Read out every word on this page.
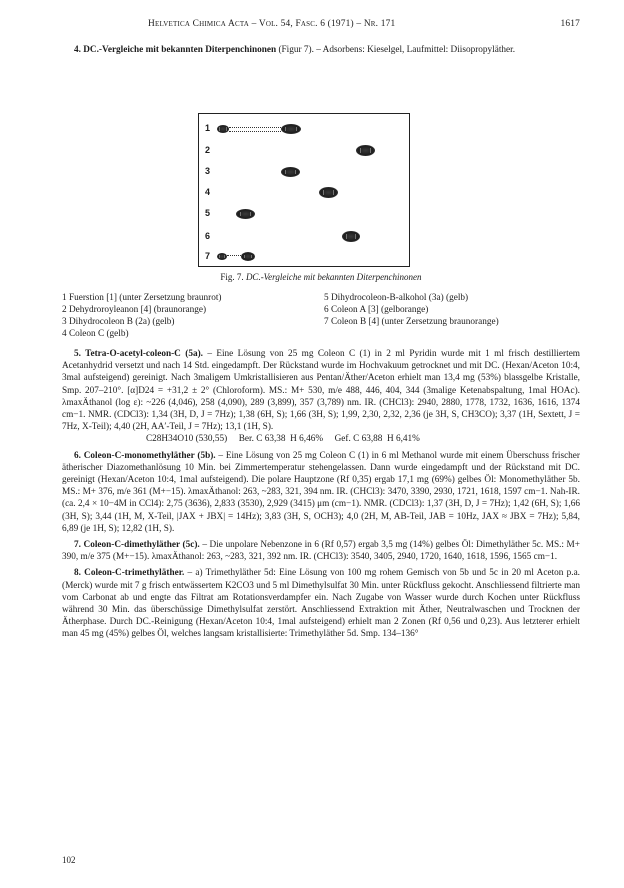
Helvetica Chimica Acta – Vol. 54, Fasc. 6 (1971) – Nr. 171	1617

4. DC.-Vergleiche mit bekannten Diterpenchinonen (Figur 7). – Adsorbens: Kieselgel, Laufmittel: Diisopropyläther.

1
2
3
4
5
6
7
Fig. 7. DC.-Vergleiche mit bekannten Diterpenchinonen
1 Fuerstion [1] (unter Zersetzung braunrot)
2 Dehydroroyleanon [4] (braunorange)
3 Dihydrocoleon B (2a) (gelb)
4 Coleon C (gelb)
5 Dihydrocoleon-B-alkohol (3a) (gelb)
6 Coleon A [3] (gelborange)
7 Coleon B [4] (unter Zersetzung braunorange)

5. Tetra-O-acetyl-coleon-C (5a). – Eine Lösung von 25 mg Coleon C (1) in 2 ml Pyridin wurde mit 1 ml frisch destilliertem Acetanhydrid versetzt und nach 14 Std. eingedampft. Der Rückstand wurde im Hochvakuum getrocknet und mit DC. (Hexan/Aceton 10:4, 3mal aufsteigend) gereinigt. Nach 3maligem Umkristallisieren aus Pentan/Äther/Aceton erhielt man 13,4 mg (53%) blassgelbe Kristalle, Smp. 207–210°. [α]D24 = +31,2 ± 2° (Chloroform). MS.: M+ 530, m/e 488, 446, 404, 344 (3malige Ketenabspaltung, 1mal HOAc). λmaxÄthanol (log ε): ~226 (4,046), 258 (4,090), 289 (3,899), 357 (3,789) nm. IR. (CHCl3): 2940, 2880, 1778, 1732, 1636, 1616, 1374 cm−1. NMR. (CDCl3): 1,34 (3H, D, J = 7Hz); 1,38 (6H, S); 1,66 (3H, S); 1,99, 2,30, 2,32, 2,36 (je 3H, S, CH3CO); 3,37 (1H, Sextett, J = 7Hz, X-Teil); 4,40 (2H, AA′-Teil, J = 7Hz); 13,1 (1H, S).

C28H34O10 (530,55)     Ber. C 63,38  H 6,46%     Gef. C 63,88  H 6,41%

6. Coleon-C-monomethyläther (5b). – Eine Lösung von 25 mg Coleon C (1) in 6 ml Methanol wurde mit einem Überschuss frischer ätherischer Diazomethanlösung 10 Min. bei Zimmertemperatur stehengelassen. Dann wurde eingedampft und der Rückstand mit DC. gereinigt (Hexan/Aceton 10:4, 1mal aufsteigend). Die polare Hauptzone (Rf 0,35) ergab 17,1 mg (69%) gelbes Öl: Monomethyläther 5b. MS.: M+ 376, m/e 361 (M+−15). λmaxÄthanol: 263, ~283, 321, 394 nm. IR. (CHCl3): 3470, 3390, 2930, 1721, 1618, 1597 cm−1. Nah-IR. (ca. 2,4 × 10−4M in CCl4): 2,75 (3636), 2,833 (3530), 2,929 (3415) μm (cm−1). NMR. (CDCl3): 1,37 (3H, D, J = 7Hz); 1,42 (6H, S); 1,66 (3H, S); 3,44 (1H, M, X-Teil, |JAX + JBX| = 14Hz); 3,83 (3H, S, OCH3); 4,0 (2H, M, AB-Teil, JAB = 10Hz, JAX ≈ JBX = 7Hz); 5,84, 6,89 (je 1H, S); 12,82 (1H, S).

7. Coleon-C-dimethyläther (5c). – Die unpolare Nebenzone in 6 (Rf 0,57) ergab 3,5 mg (14%) gelbes Öl: Dimethyläther 5c. MS.: M+ 390, m/e 375 (M+−15). λmaxÄthanol: 263, ~283, 321, 392 nm. IR. (CHCl3): 3540, 3405, 2940, 1720, 1640, 1618, 1596, 1565 cm−1.

8. Coleon-C-trimethyläther. – a) Trimethyläther 5d: Eine Lösung von 100 mg rohem Gemisch von 5b und 5c in 20 ml Aceton p.a. (Merck) wurde mit 7 g frisch entwässertem K2CO3 und 5 ml Dimethylsulfat 30 Min. unter Rückfluss gekocht. Anschliessend filtrierte man vom Carbonat ab und engte das Filtrat am Rotationsverdampfer ein. Nach Zugabe von Wasser wurde durch Kochen unter Rückfluss während 30 Min. das überschüssige Dimethylsulfat zerstört. Anschliessend Extraktion mit Äther, Neutralwaschen und Trocknen der Ätherphase. Durch DC.-Reinigung (Hexan/Aceton 10:4, 1mal aufsteigend) erhielt man 2 Zonen (Rf 0,56 und 0,23). Aus letzterer erhielt man 45 mg (45%) gelbes Öl, welches langsam kristallisierte: Trimethyläther 5d. Smp. 134–136°

102
